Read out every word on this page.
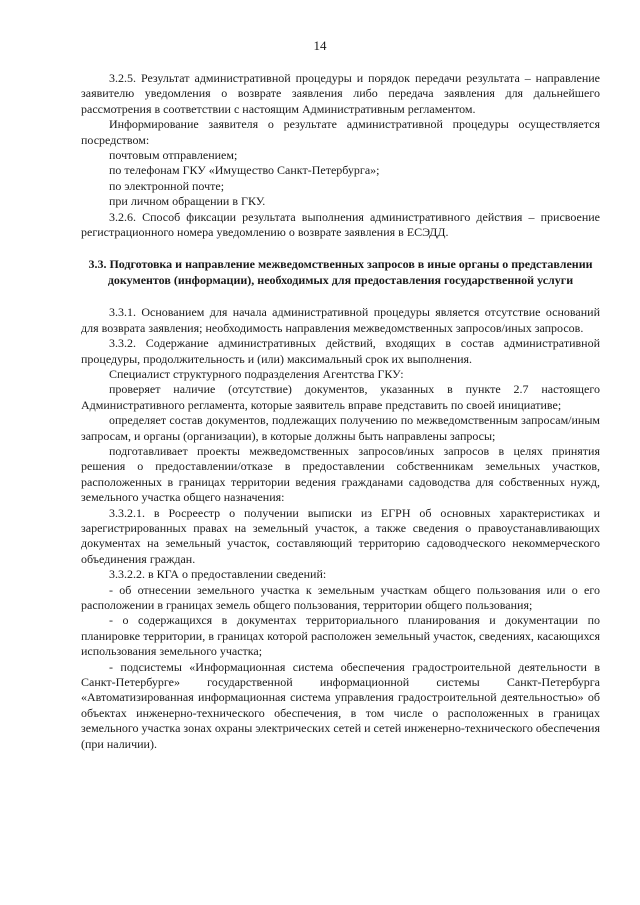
14

3.2.5. Результат административной процедуры и порядок передачи результата – направление заявителю уведомления о возврате заявления либо передача заявления для дальнейшего рассмотрения в соответствии с настоящим Административным регламентом.

Информирование заявителя о результате административной процедуры осуществляется посредством:

почтовым отправлением;

по телефонам ГКУ «Имущество Санкт-Петербурга»;

по электронной почте;

при личном обращении в ГКУ.

3.2.6. Способ фиксации результата выполнения административного действия – присвоение регистрационного номера уведомлению о возврате заявления в ЕСЭДД.

3.3. Подготовка и направление межведомственных запросов в иные органы о представлении документов (информации), необходимых для предоставления государственной услуги

3.3.1. Основанием для начала административной процедуры является отсутствие оснований для возврата заявления; необходимость направления межведомственных запросов/иных запросов.

3.3.2. Содержание административных действий, входящих в состав административной процедуры, продолжительность и (или) максимальный срок их выполнения.

Специалист структурного подразделения Агентства ГКУ:

проверяет наличие (отсутствие) документов, указанных в пункте 2.7 настоящего Административного регламента, которые заявитель вправе представить по своей инициативе;

определяет состав документов, подлежащих получению по межведомственным запросам/иным запросам, и органы (организации), в которые должны быть направлены запросы;

подготавливает проекты межведомственных запросов/иных запросов в целях принятия решения о предоставлении/отказе в предоставлении собственникам земельных участков, расположенных в границах территории ведения гражданами садоводства для собственных нужд, земельного участка общего назначения:

3.3.2.1. в Росреестр о получении выписки из ЕГРН об основных характеристиках и зарегистрированных правах на земельный участок, а также сведения о правоустанавливающих документах на земельный участок, составляющий территорию садоводческого некоммерческого объединения граждан.

3.3.2.2. в КГА о предоставлении сведений:

- об отнесении земельного участка к земельным участкам общего пользования или о его расположении в границах земель общего пользования, территории общего пользования;

- о содержащихся в документах территориального планирования и документации по планировке территории, в границах которой расположен земельный участок, сведениях, касающихся использования земельного участка;

- подсистемы «Информационная система обеспечения градостроительной деятельности в Санкт-Петербурге» государственной информационной системы Санкт-Петербурга «Автоматизированная информационная система управления градостроительной деятельностью» об объектах инженерно-технического обеспечения, в том числе о расположенных в границах земельного участка зонах охраны электрических сетей и сетей инженерно-технического обеспечения (при наличии).
